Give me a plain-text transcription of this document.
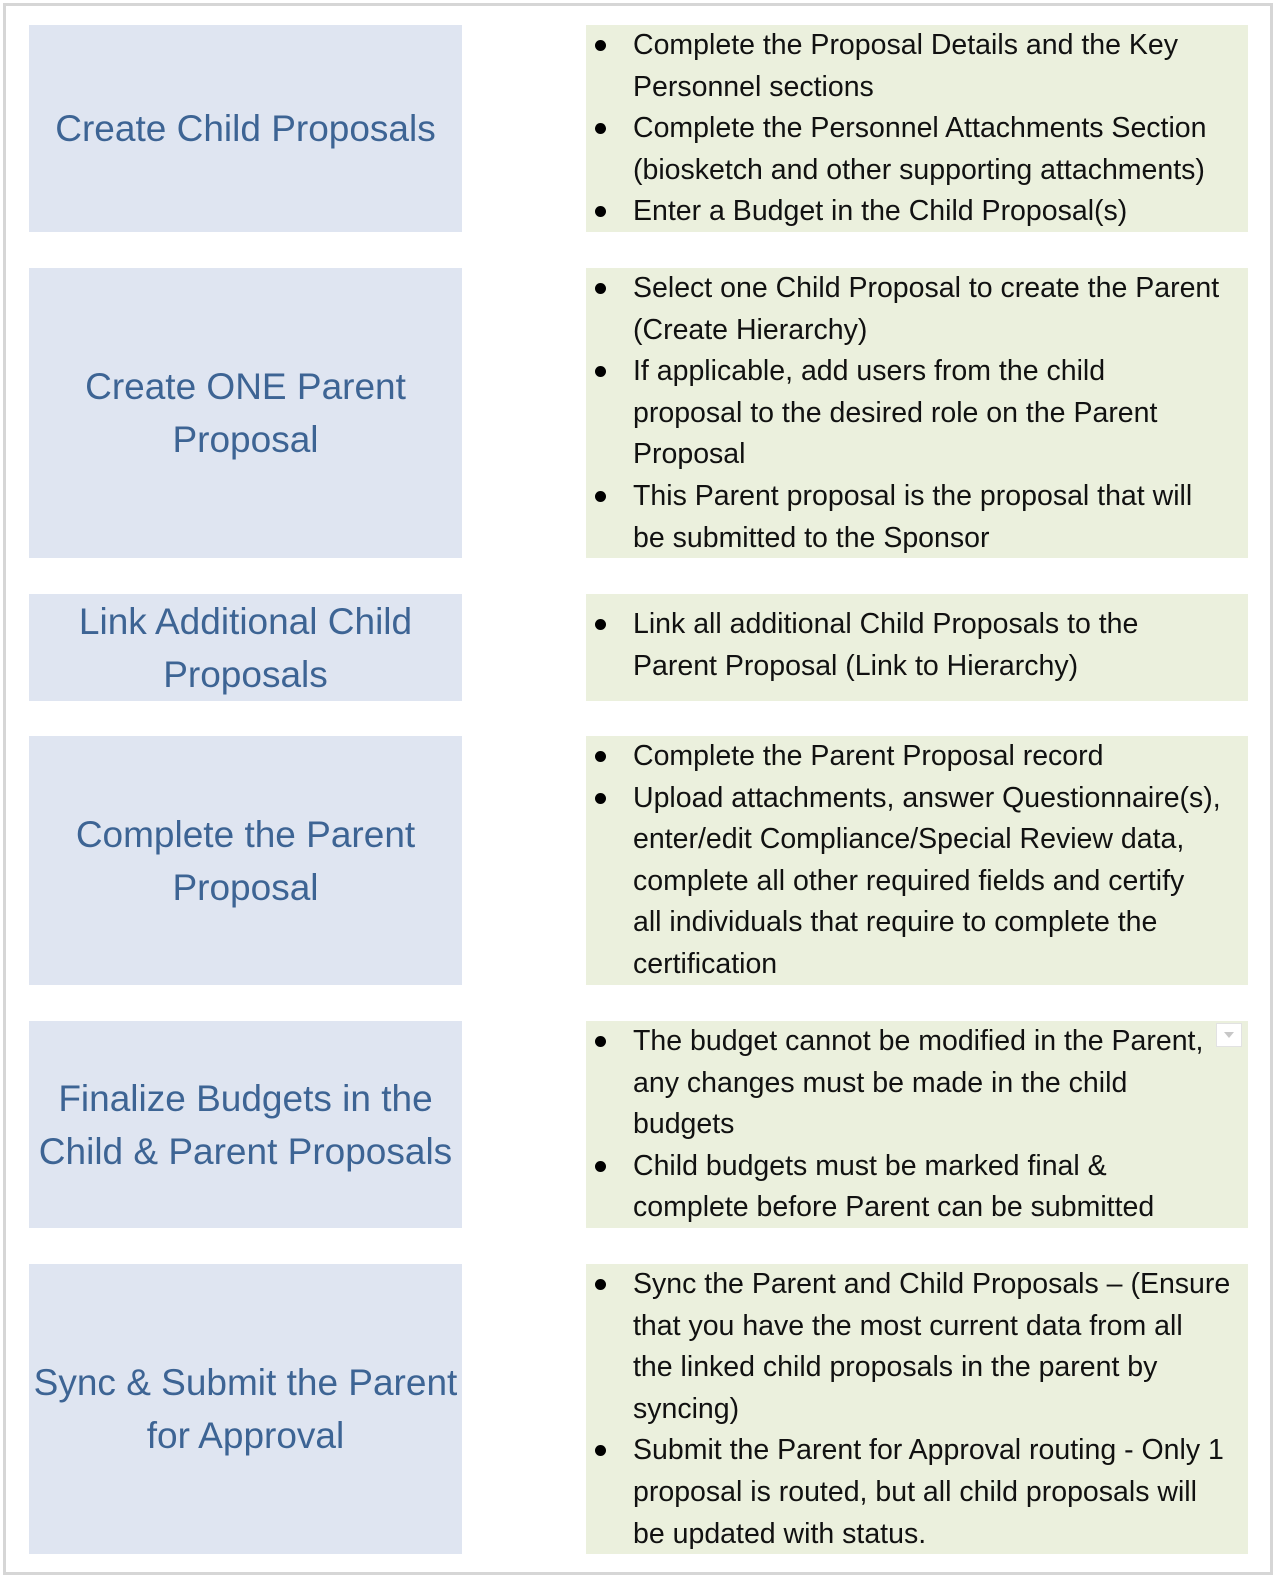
Create Child Proposals
Complete the Proposal Details and the Key
Personnel sections
Complete the Personnel Attachments Section
(biosketch and other supporting attachments)
Enter a Budget in the Child Proposal(s)
Create ONE Parent Proposal
Select one Child Proposal to create the Parent
(Create Hierarchy)
If applicable, add users from the child
proposal to the desired role on the Parent
Proposal
This Parent proposal is the proposal that will
be submitted to the Sponsor
Link Additional Child Proposals
Link all additional Child Proposals to the
Parent Proposal (Link to Hierarchy)
Complete the Parent Proposal
Complete the Parent Proposal record
Upload attachments, answer Questionnaire(s),
enter/edit Compliance/Special Review data,
complete all other required fields and certify
all individuals that require to complete the
certification
Finalize Budgets in the Child & Parent Proposals
The budget cannot be modified in the Parent,
any changes must be made in the child
budgets
Child budgets must be marked final &
complete before Parent can be submitted
Sync & Submit the Parent for Approval
Sync the Parent and Child Proposals – (Ensure
that you have the most current data from all
the linked child proposals in the parent by
syncing)
Submit the Parent for Approval routing - Only 1
proposal is routed, but all child proposals will
be updated with status.
